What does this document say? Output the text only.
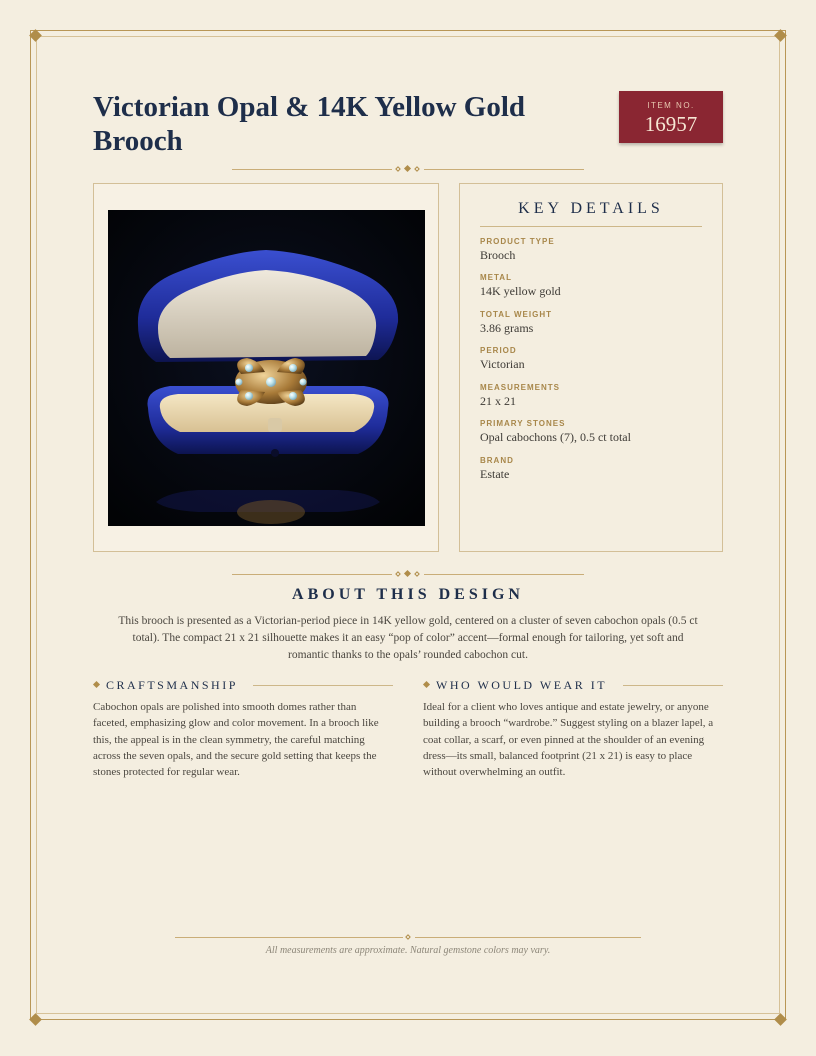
Victorian Opal & 14K Yellow Gold Brooch
ITEM NO.
16957
KEY DETAILS
PRODUCT TYPE
Brooch
METAL
14K yellow gold
TOTAL WEIGHT
3.86 grams
PERIOD
Victorian
MEASUREMENTS
21 x 21
PRIMARY STONES
Opal cabochons (7), 0.5 ct total
BRAND
Estate
ABOUT THIS DESIGN

This brooch is presented as a Victorian-period piece in 14K yellow gold, centered on a cluster of seven cabochon opals (0.5 ct total). The compact 21 x 21 silhouette makes it an easy “pop of color” accent—formal enough for tailoring, yet soft and romantic thanks to the opals’ rounded cabochon cut.

CRAFTSMANSHIP

Cabochon opals are polished into smooth domes rather than faceted, emphasizing glow and color movement. In a brooch like this, the appeal is in the clean symmetry, the careful matching across the seven opals, and the secure gold setting that keeps the stones protected for regular wear.

WHO WOULD WEAR IT

Ideal for a client who loves antique and estate jewelry, or anyone building a brooch “wardrobe.” Suggest styling on a blazer lapel, a coat collar, a scarf, or even pinned at the shoulder of an evening dress—its small, balanced footprint (21 x 21) is easy to place without overwhelming an outfit.

All measurements are approximate. Natural gemstone colors may vary.
